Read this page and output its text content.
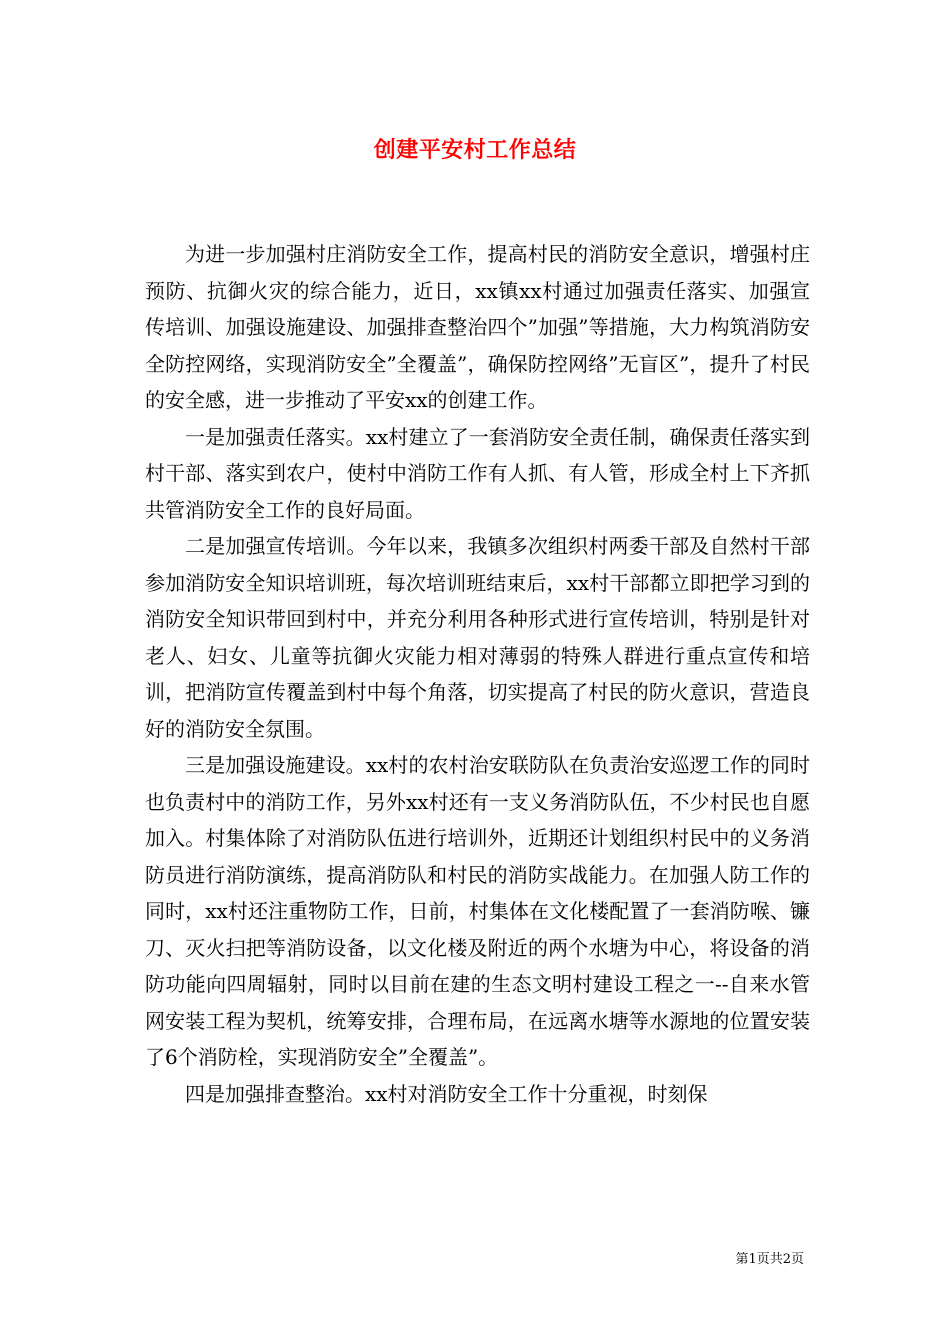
创建平安村工作总结

为进一步加强村庄消防安全工作，提高村民的消防安全意识，增强村庄预防、抗御火灾的综合能力，近日，xx镇xx村通过加强责任落实、加强宣传培训、加强设施建设、加强排查整治四个”加强”等措施，大力构筑消防安全防控网络，实现消防安全”全覆盖”，确保防控网络”无盲区”，提升了村民的安全感，进一步推动了平安xx的创建工作。

一是加强责任落实。xx村建立了一套消防安全责任制，确保责任落实到村干部、落实到农户，使村中消防工作有人抓、有人管，形成全村上下齐抓共管消防安全工作的良好局面。

二是加强宣传培训。今年以来，我镇多次组织村两委干部及自然村干部参加消防安全知识培训班，每次培训班结束后，xx村干部都立即把学习到的消防安全知识带回到村中，并充分利用各种形式进行宣传培训，特别是针对老人、妇女、儿童等抗御火灾能力相对薄弱的特殊人群进行重点宣传和培训，把消防宣传覆盖到村中每个角落，切实提高了村民的防火意识，营造良好的消防安全氛围。

三是加强设施建设。xx村的农村治安联防队在负责治安巡逻工作的同时也负责村中的消防工作，另外xx村还有一支义务消防队伍，不少村民也自愿加入。村集体除了对消防队伍进行培训外，近期还计划组织村民中的义务消防员进行消防演练，提高消防队和村民的消防实战能力。在加强人防工作的同时，xx村还注重物防工作，日前，村集体在文化楼配置了一套消防喉、镰刀、灭火扫把等消防设备，以文化楼及附近的两个水塘为中心，将设备的消防功能向四周辐射，同时以目前在建的生态文明村建设工程之一--自来水管网安装工程为契机，统筹安排，合理布局，在远离水塘等水源地的位置安装了6个消防栓，实现消防安全”全覆盖”。

四是加强排查整治。xx村对消防安全工作十分重视，时刻保

第1页共2页
